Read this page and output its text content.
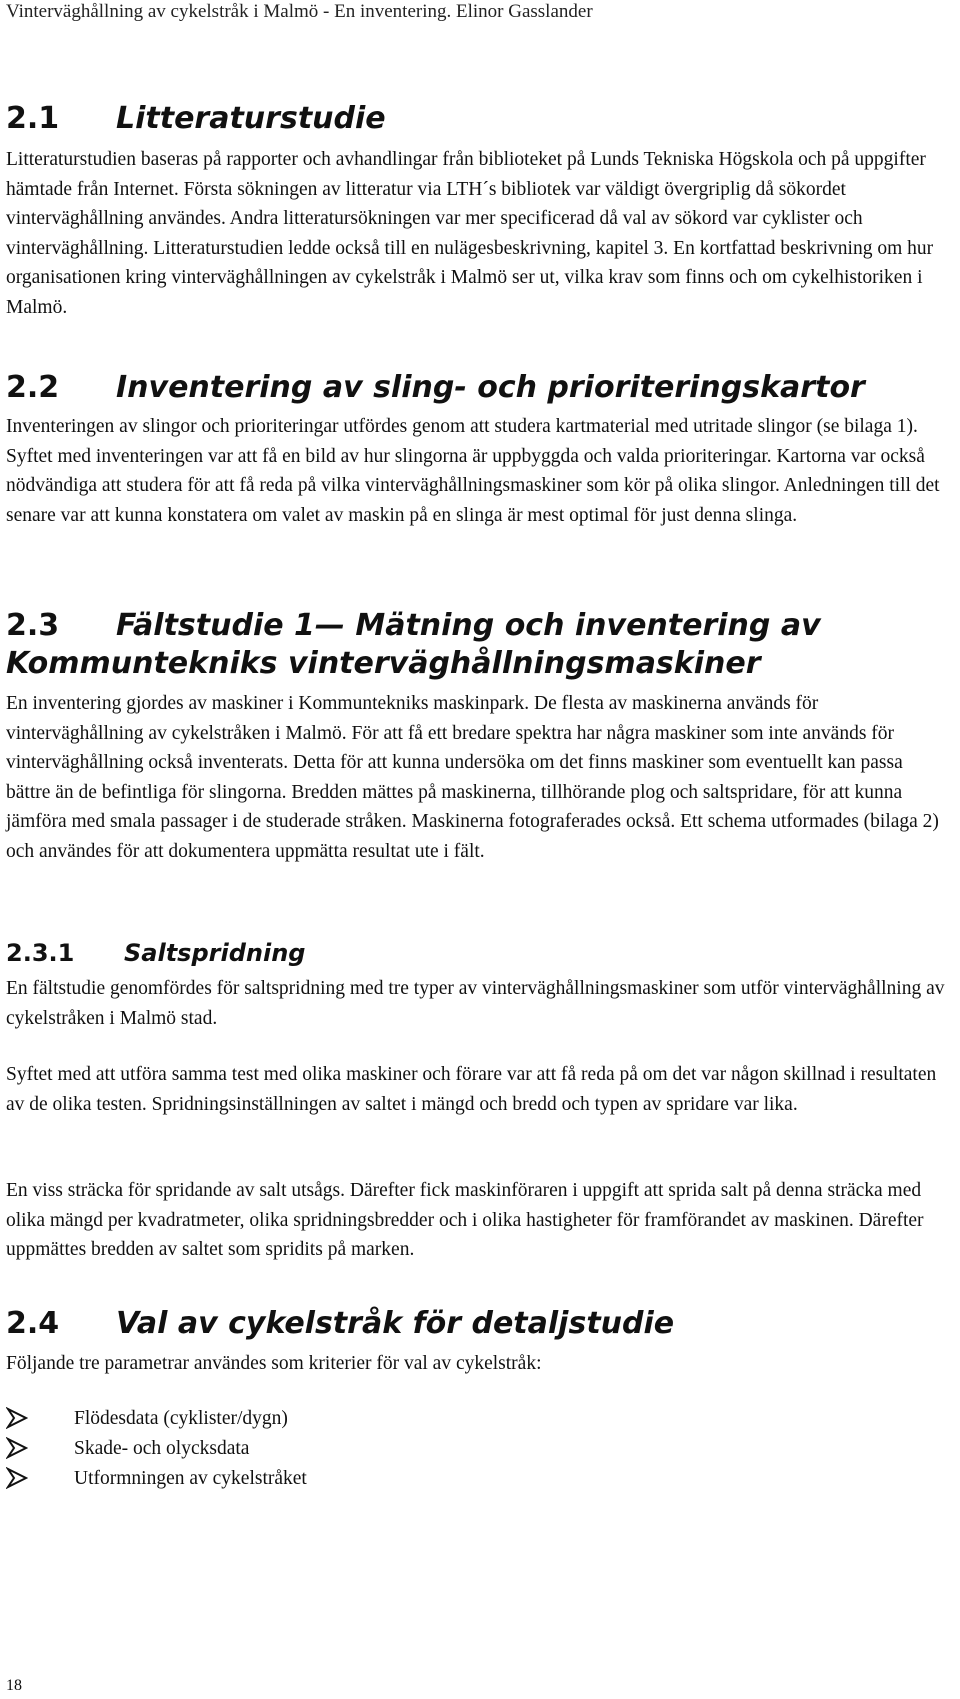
Vinterväghållning av cykelstråk i Malmö - En inventering. Elinor Gasslander
2.1 Litteraturstudie

Litteraturstudien baseras på rapporter och avhandlingar från biblioteket på Lunds Tekniska Högskola och på uppgifter hämtade från Internet. Första sökningen av litteratur via LTH´s bibliotek var väldigt övergriplig då sökordet vinterväghållning användes. Andra litteratursökningen var mer specificerad då val av sökord var cyklister och vinterväghållning. Litteraturstudien ledde också till en nulägesbeskrivning, kapitel 3. En kortfattad beskrivning om hur organisationen kring vinterväghållningen av cykelstråk i Malmö ser ut, vilka krav som finns och om cykelhistoriken i Malmö.

2.2 Inventering av sling- och prioriteringskartor

Inventeringen av slingor och prioriteringar utfördes genom att studera kartmaterial med utritade slingor (se bilaga 1). Syftet med inventeringen var att få en bild av hur slingorna är uppbyggda och valda prioriteringar. Kartorna var också nödvändiga att studera för att få reda på vilka vinterväghållningsmaskiner som kör på olika slingor. Anledningen till det senare var att kunna konstatera om valet av maskin på en slinga är mest optimal för just denna slinga.

2.3 Fältstudie 1— Mätning och inventering av
Kommuntekniks vinterväghållningsmaskiner

En inventering gjordes av maskiner i Kommuntekniks maskinpark. De flesta av maskinerna används för vinterväghållning av cykelstråken i Malmö. För att få ett bredare spektra har några maskiner som inte används för vinterväghållning också inventerats. Detta för att kunna undersöka om det finns maskiner som eventuellt kan passa bättre än de befintliga för slingorna. Bredden mättes på maskinerna, tillhörande plog och saltspridare, för att kunna jämföra med smala passager i de studerade stråken. Maskinerna fotograferades också. Ett schema utformades (bilaga 2) och användes för att dokumentera uppmätta resultat ute i fält.

2.3.1 Saltspridning

En fältstudie genomfördes för saltspridning med tre typer av vinterväghållningsmaskiner som utför vinterväghållning av cykelstråken i Malmö stad.

Syftet med att utföra samma test med olika maskiner och förare var att få reda på om det var någon skillnad i resultaten av de olika testen. Spridningsinställningen av saltet i mängd och bredd och typen av spridare var lika.

En viss sträcka för spridande av salt utsågs. Därefter fick maskinföraren i uppgift att sprida salt på denna sträcka med olika mängd per kvadratmeter, olika spridningsbredder och i olika hastigheter för framförandet av maskinen. Därefter uppmättes bredden av saltet som spridits på marken.

2.4 Val av cykelstråk för detaljstudie

Följande tre parametrar användes som kriterier för val av cykelstråk:

Flödesdata (cyklister/dygn)
Skade- och olycksdata
Utformningen av cykelstråket
18
